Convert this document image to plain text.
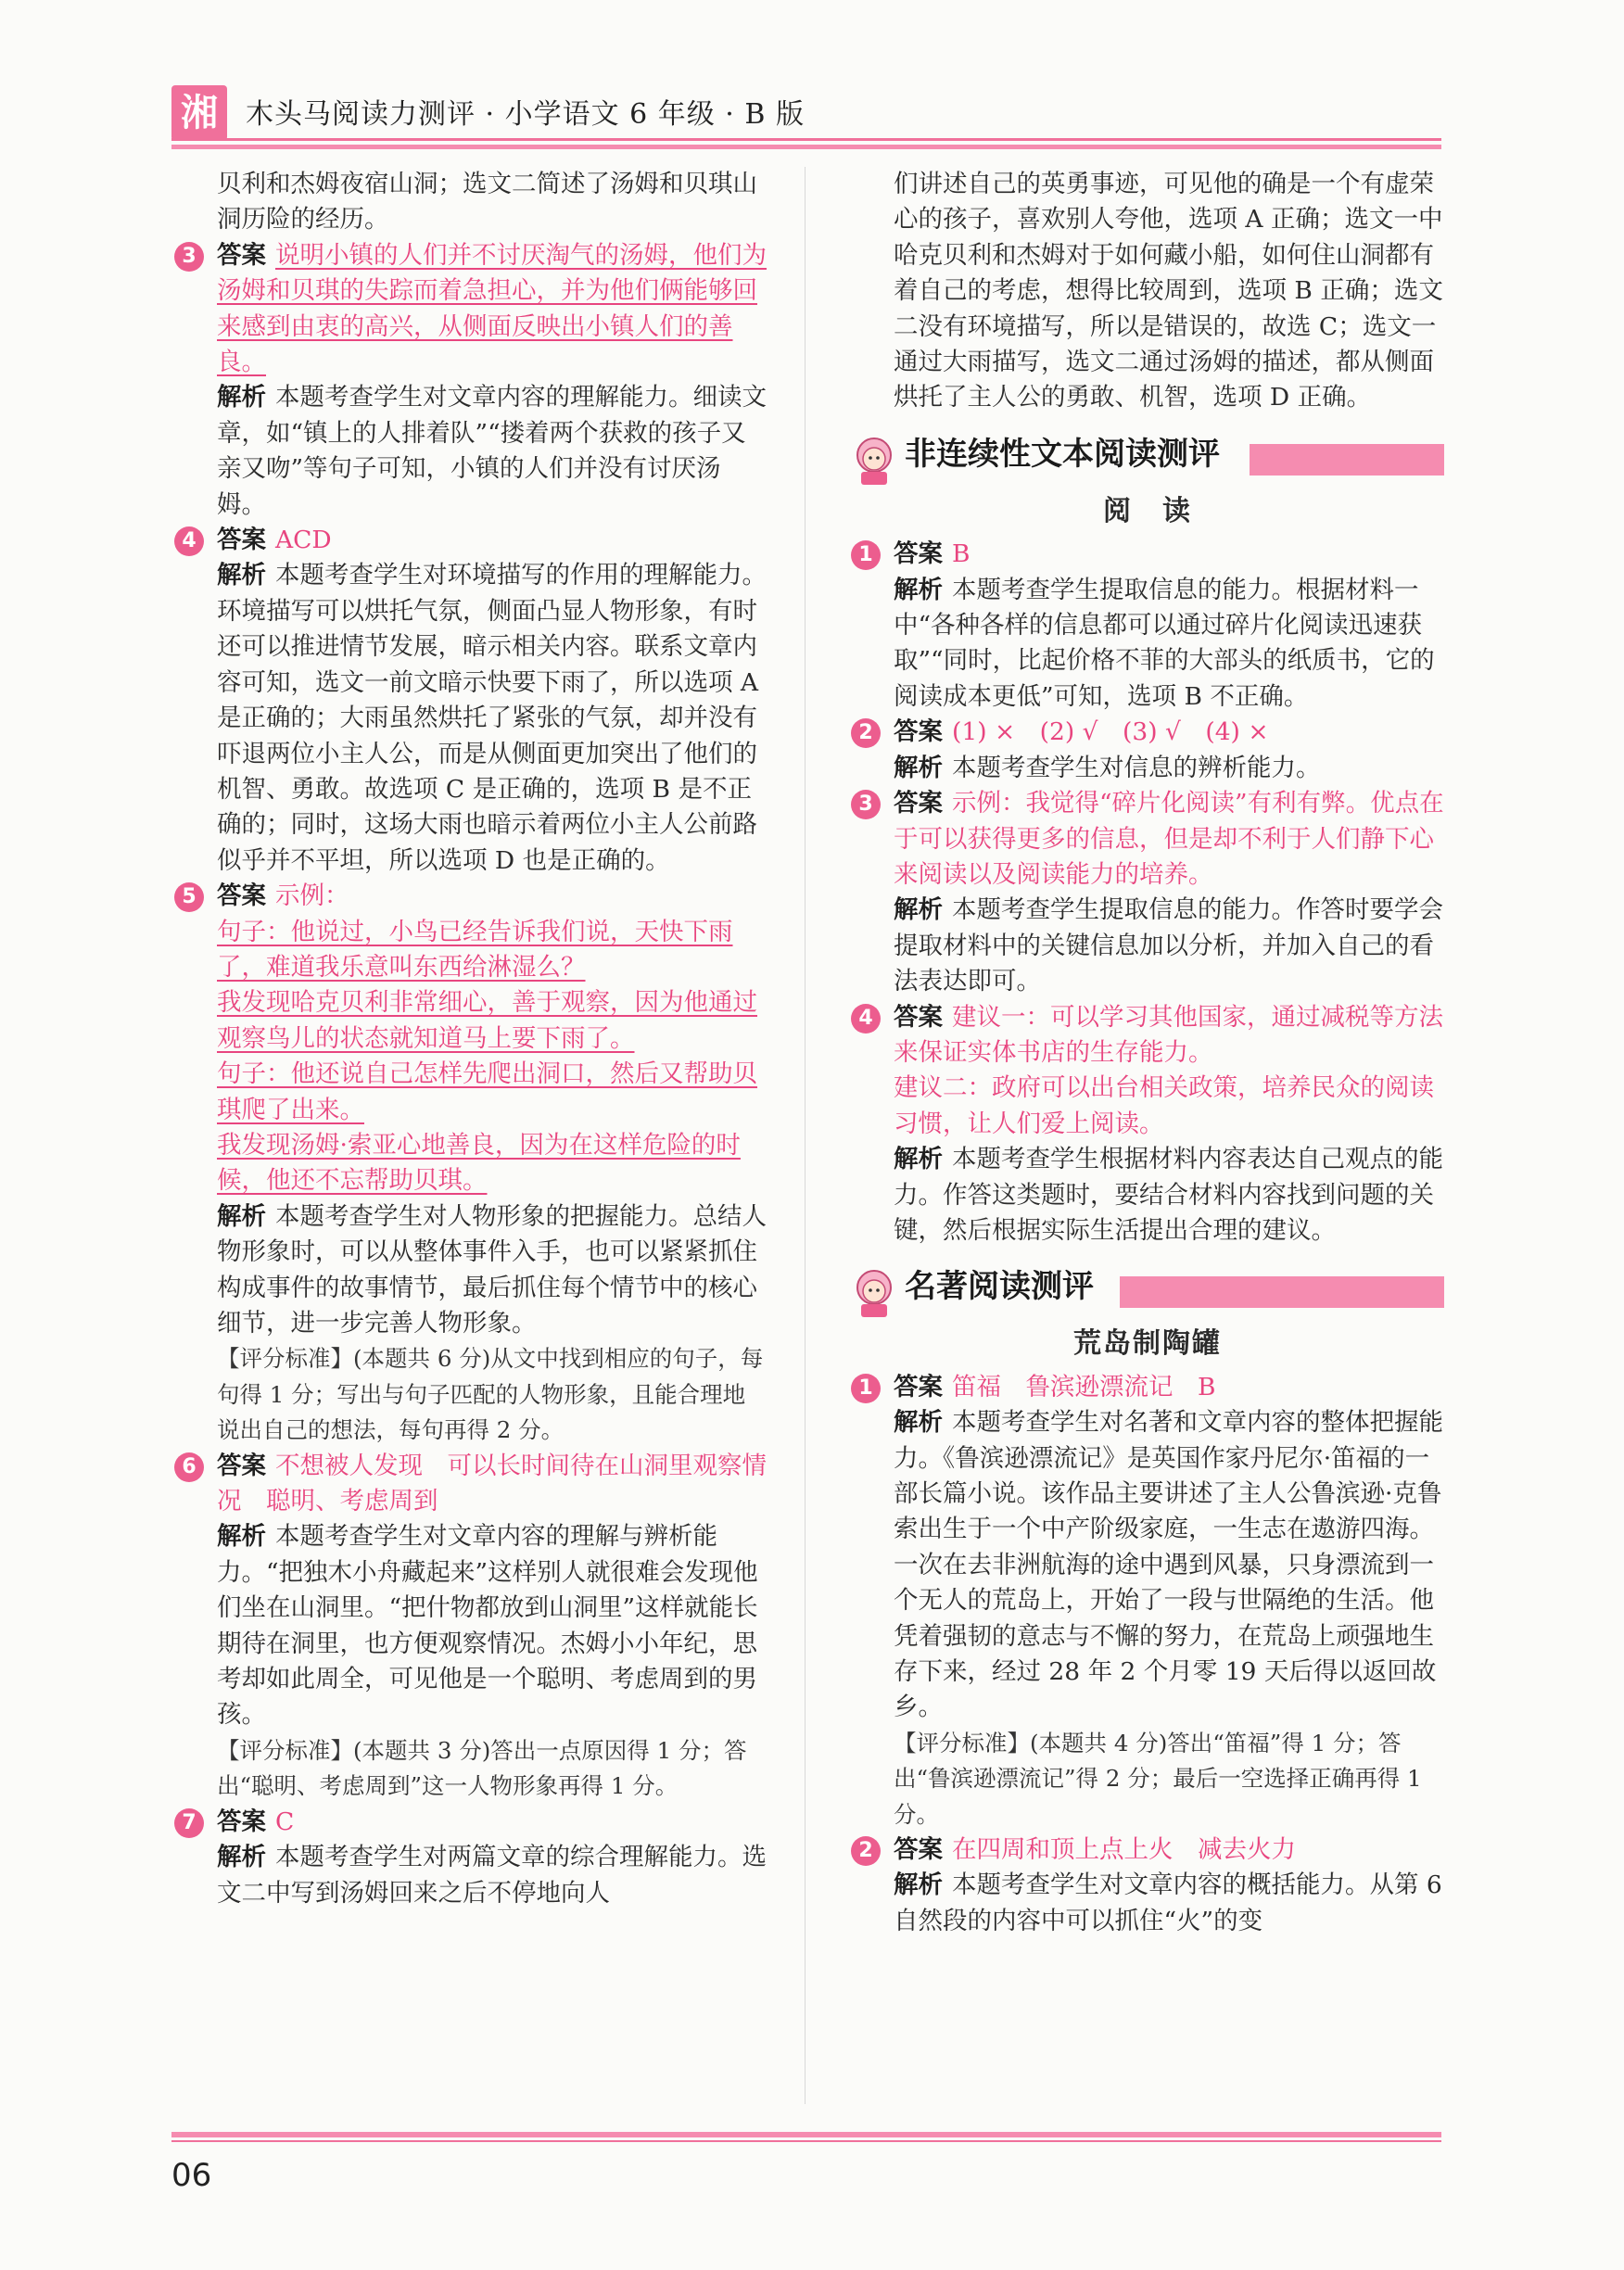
湘	木头马阅读力测评 · 小学语文 6 年级 · B 版
贝利和杰姆夜宿山洞；选文二简述了汤姆和贝琪山洞历险的经历。
3 答案 说明小镇的人们并不讨厌淘气的汤姆，他们为汤姆和贝琪的失踪而着急担心，并为他们俩能够回来感到由衷的高兴，从侧面反映出小镇人们的善良。
解析 本题考查学生对文章内容的理解能力。细读文章，如“镇上的人排着队”“搂着两个获救的孩子又亲又吻”等句子可知，小镇的人们并没有讨厌汤姆。
4 答案 ACD
解析 本题考查学生对环境描写的作用的理解能力。环境描写可以烘托气氛，侧面凸显人物形象，有时还可以推进情节发展，暗示相关内容。联系文章内容可知，选文一前文暗示快要下雨了，所以选项 A 是正确的；大雨虽然烘托了紧张的气氛，却并没有吓退两位小主人公，而是从侧面更加突出了他们的机智、勇敢。故选项 C 是正确的，选项 B 是不正确的；同时，这场大雨也暗示着两位小主人公前路似乎并不平坦，所以选项 D 也是正确的。
5 答案 示例：
句子：他说过，小鸟已经告诉我们说，天快下雨了，难道我乐意叫东西给淋湿么？
我发现哈克贝利非常细心，善于观察，因为他通过观察鸟儿的状态就知道马上要下雨了。
句子：他还说自己怎样先爬出洞口，然后又帮助贝琪爬了出来。
我发现汤姆·索亚心地善良，因为在这样危险的时候，他还不忘帮助贝琪。
解析 本题考查学生对人物形象的把握能力。总结人物形象时，可以从整体事件入手，也可以紧紧抓住构成事件的故事情节，最后抓住每个情节中的核心细节，进一步完善人物形象。
【评分标准】(本题共 6 分)从文中找到相应的句子，每句得 1 分；写出与句子匹配的人物形象，且能合理地说出自己的想法，每句再得 2 分。
6 答案 不想被人发现　可以长时间待在山洞里观察情况　聪明、考虑周到
解析 本题考查学生对文章内容的理解与辨析能力。“把独木小舟藏起来”这样别人就很难会发现他们坐在山洞里。“把什物都放到山洞里”这样就能长期待在洞里，也方便观察情况。杰姆小小年纪，思考却如此周全，可见他是一个聪明、考虑周到的男孩。
【评分标准】(本题共 3 分)答出一点原因得 1 分；答出“聪明、考虑周到”这一人物形象再得 1 分。
7 答案 C
解析 本题考查学生对两篇文章的综合理解能力。选文二中写到汤姆回来之后不停地向人
们讲述自己的英勇事迹，可见他的确是一个有虚荣心的孩子，喜欢别人夸他，选项 A 正确；选文一中哈克贝利和杰姆对于如何藏小船，如何住山洞都有着自己的考虑，想得比较周到，选项 B 正确；选文二没有环境描写，所以是错误的，故选 C；选文一通过大雨描写，选文二通过汤姆的描述，都从侧面烘托了主人公的勇敢、机智，选项 D 正确。
非连续性文本阅读测评
阅　读
1 答案 B
解析 本题考查学生提取信息的能力。根据材料一中“各种各样的信息都可以通过碎片化阅读迅速获取”“同时，比起价格不菲的大部头的纸质书，它的阅读成本更低”可知，选项 B 不正确。
2 答案 (1) ×　(2) √　(3) √　(4) ×
解析 本题考查学生对信息的辨析能力。
3 答案 示例：我觉得“碎片化阅读”有利有弊。优点在于可以获得更多的信息，但是却不利于人们静下心来阅读以及阅读能力的培养。
解析 本题考查学生提取信息的能力。作答时要学会提取材料中的关键信息加以分析，并加入自己的看法表达即可。
4 答案 建议一：可以学习其他国家，通过减税等方法来保证实体书店的生存能力。
建议二：政府可以出台相关政策，培养民众的阅读习惯，让人们爱上阅读。
解析 本题考查学生根据材料内容表达自己观点的能力。作答这类题时，要结合材料内容找到问题的关键，然后根据实际生活提出合理的建议。
名著阅读测评
荒岛制陶罐
1 答案 笛福　鲁滨逊漂流记　B
解析 本题考查学生对名著和文章内容的整体把握能力。《鲁滨逊漂流记》是英国作家丹尼尔·笛福的一部长篇小说。该作品主要讲述了主人公鲁滨逊·克鲁索出生于一个中产阶级家庭，一生志在遨游四海。一次在去非洲航海的途中遇到风暴，只身漂流到一个无人的荒岛上，开始了一段与世隔绝的生活。他凭着强韧的意志与不懈的努力，在荒岛上顽强地生存下来，经过 28 年 2 个月零 19 天后得以返回故乡。
【评分标准】(本题共 4 分)答出“笛福”得 1 分；答出“鲁滨逊漂流记”得 2 分；最后一空选择正确再得 1 分。
2 答案 在四周和顶上点上火　减去火力
解析 本题考查学生对文章内容的概括能力。从第 6 自然段的内容中可以抓住“火”的变
06
